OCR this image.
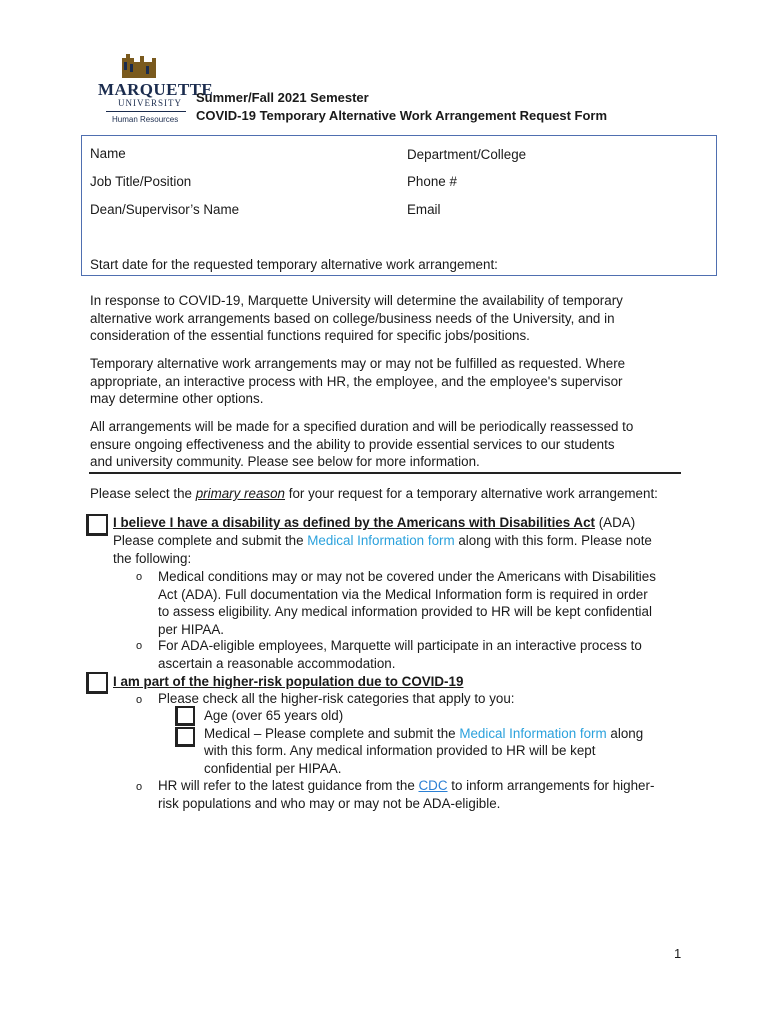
MARQUETTE
UNIVERSITY
Human Resources
Summer/Fall 2021 Semester
COVID-19 Temporary Alternative Work Arrangement Request Form
Name	Department/College
Job Title/Position	Phone #
Dean/Supervisor’s Name	Email
Start date for the requested temporary alternative work arrangement:
In response to COVID-19, Marquette University will determine the availability of temporary
alternative work arrangements based on college/business needs of the University, and in
consideration of the essential functions required for specific jobs/positions.
Temporary alternative work arrangements may or may not be fulfilled as requested. Where
appropriate, an interactive process with HR, the employee, and the employee's supervisor
may determine other options.
All arrangements will be made for a specified duration and will be periodically reassessed to
ensure ongoing effectiveness and the ability to provide essential services to our students
and university community. Please see below for more information.
Please select the primary reason for your request for a temporary alternative work arrangement:
I believe I have a disability as defined by the Americans with Disabilities Act (ADA)
Please complete and submit the Medical Information form along with this form. Please note
the following:
o Medical conditions may or may not be covered under the Americans with Disabilities
Act (ADA). Full documentation via the Medical Information form is required in order
to assess eligibility. Any medical information provided to HR will be kept confidential
per HIPAA.
o For ADA-eligible employees, Marquette will participate in an interactive process to
ascertain a reasonable accommodation.
I am part of the higher-risk population due to COVID-19
o Please check all the higher-risk categories that apply to you:
Age (over 65 years old)
Medical – Please complete and submit the Medical Information form along
with this form. Any medical information provided to HR will be kept
confidential per HIPAA.
o HR will refer to the latest guidance from the CDC to inform arrangements for higher-
risk populations and who may or may not be ADA-eligible.
1
